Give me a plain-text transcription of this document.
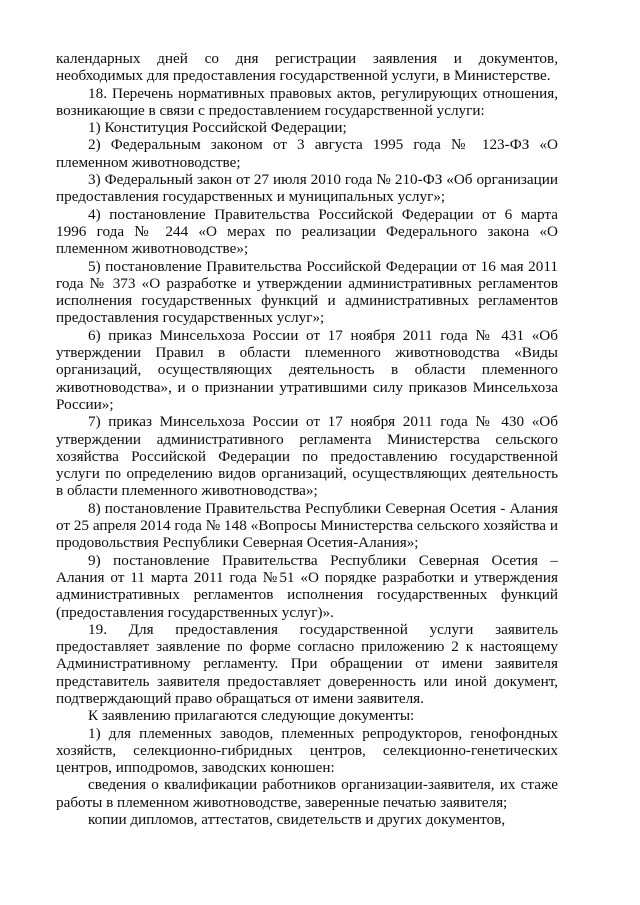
календарных дней со дня регистрации заявления и документов, необходимых для предоставления государственной услуги, в Министерстве.

18. Перечень нормативных правовых актов, регулирующих отношения, возникающие в связи с предоставлением государственной услуги:

1) Конституция Российской Федерации;

2) Федеральным законом от 3 августа 1995 года № 123-ФЗ «О племенном животноводстве;

3) Федеральный закон от 27 июля 2010 года № 210-ФЗ «Об организации предоставления государственных и муниципальных услуг»;

4) постановление Правительства Российской Федерации от 6 марта 1996 года № 244 «О мерах по реализации Федерального закона «О племенном животноводстве»;

5) постановление Правительства Российской Федерации от 16 мая 2011 года № 373 «О разработке и утверждении административных регламентов исполнения государственных функций и административных регламентов предоставления государственных услуг»;

6) приказ Минсельхоза России от 17 ноября 2011 года № 431 «Об утверждении Правил в области племенного животноводства «Виды организаций, осуществляющих деятельность в области племенного животноводства», и о признании утратившими силу приказов Минсельхоза России»;

7) приказ Минсельхоза России от 17 ноября 2011 года № 430 «Об утверждении административного регламента Министерства сельского хозяйства Российской Федерации по предоставлению государственной услуги по определению видов организаций, осуществляющих деятельность в области племенного животноводства»;

8) постановление Правительства Республики Северная Осетия - Алания от 25 апреля 2014 года № 148 «Вопросы Министерства сельского хозяйства и продовольствия Республики Северная Осетия-Алания»;

9) постановление Правительства Республики Северная Осетия – Алания от 11 марта 2011 года №51 «О порядке разработки и утверждения административных регламентов исполнения государственных функций (предоставления государственных услуг)».

19. Для предоставления государственной услуги заявитель предоставляет заявление по форме согласно приложению 2 к настоящему Административному регламенту. При обращении от имени заявителя представитель заявителя предоставляет доверенность или иной документ, подтверждающий право обращаться от имени заявителя.

К заявлению прилагаются следующие документы:

1) для племенных заводов, племенных репродукторов, генофондных хозяйств, селекционно-гибридных центров, селекционно-генетических центров, ипподромов, заводских конюшен:

сведения о квалификации работников организации-заявителя, их стаже работы в племенном животноводстве, заверенные печатью заявителя;

копии дипломов, аттестатов, свидетельств и других документов,
